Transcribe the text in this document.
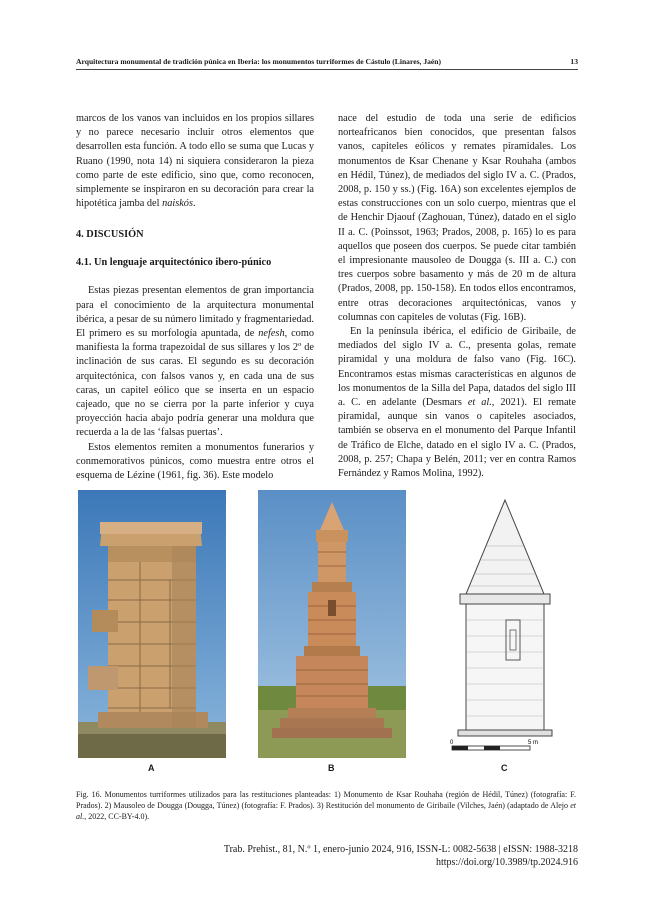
Arquitectura monumental de tradición púnica en Iberia: los monumentos turriformes de Cástulo (Linares, Jaén)	13

marcos de los vanos van incluidos en los propios sillares y no parece necesario incluir otros elementos que desarrollen esta función. A todo ello se suma que Lucas y Ruano (1990, nota 14) ni siquiera consideraron la pieza como parte de este edificio, sino que, como reconocen, simplemente se inspiraron en su decoración para crear la hipotética jamba del naiskós.

4. DISCUSIÓN
4.1. Un lenguaje arquitectónico ibero-púnico

Estas piezas presentan elementos de gran importancia para el conocimiento de la arquitectura monumental ibérica, a pesar de su número limitado y fragmentariedad. El primero es su morfología apuntada, de nefesh, como manifiesta la forma trapezoidal de sus sillares y los 2º de inclinación de sus caras. El segundo es su decoración arquitectónica, con falsos vanos y, en cada una de sus caras, un capitel eólico que se inserta en un espacio cajeado, que no se cierra por la parte inferior y cuya proyección hacia abajo podría generar una moldura que recuerda a la de las ‘falsas puertas’.

Estos elementos remiten a monumentos funerarios y conmemorativos púnicos, como muestra entre otros el esquema de Lézine (1961, fig. 36). Este modelo

nace del estudio de toda una serie de edificios norteafricanos bien conocidos, que presentan falsos vanos, capiteles eólicos y remates piramidales. Los monumentos de Ksar Chenane y Ksar Rouhaha (ambos en Hédil, Túnez), de mediados del siglo IV a. C. (Prados, 2008, p. 150 y ss.) (Fig. 16A) son excelentes ejemplos de estas construcciones con un solo cuerpo, mientras que el de Henchir Djaouf (Zaghouan, Túnez), datado en el siglo II a. C. (Poinssot, 1963; Prados, 2008, p. 165) lo es para aquellos que poseen dos cuerpos. Se puede citar también el impresionante mausoleo de Dougga (s. III a. C.) con tres cuerpos sobre basamento y más de 20 m de altura (Prados, 2008, pp. 150-158). En todos ellos encontramos, entre otras decoraciones arquitectónicas, vanos y columnas con capiteles de volutas (Fig. 16B).

En la península ibérica, el edificio de Giribaile, de mediados del siglo IV a. C., presenta golas, remate piramidal y una moldura de falso vano (Fig. 16C). Encontramos estas mismas características en algunos de los monumentos de la Silla del Papa, datados del siglo III a. C. en adelante (Desmars et al., 2021). El remate piramidal, aunque sin vanos o capiteles asociados, también se observa en el monumento del Parque Infantil de Tráfico de Elche, datado en el siglo IV a. C. (Prados, 2008, p. 257; Chapa y Belén, 2011; ver en contra Ramos Fernández y Ramos Molina, 1992).

0	5 m
A	B	C
Fig. 16. Monumentos turriformes utilizados para las restituciones planteadas: 1) Monumento de Ksar Rouhaha (región de Hédil, Túnez) (fotografía: F. Prados). 2) Mausoleo de Dougga (Dougga, Túnez) (fotografía: F. Prados). 3) Restitución del monumento de Giribaile (Vilches, Jaén) (adaptado de Alejo et al., 2022, CC-BY-4.0).
Trab. Prehist., 81, N.º 1, enero-junio 2024, 916, ISSN-L: 0082-5638 | eISSN: 1988-3218
https://doi.org/10.3989/tp.2024.916
